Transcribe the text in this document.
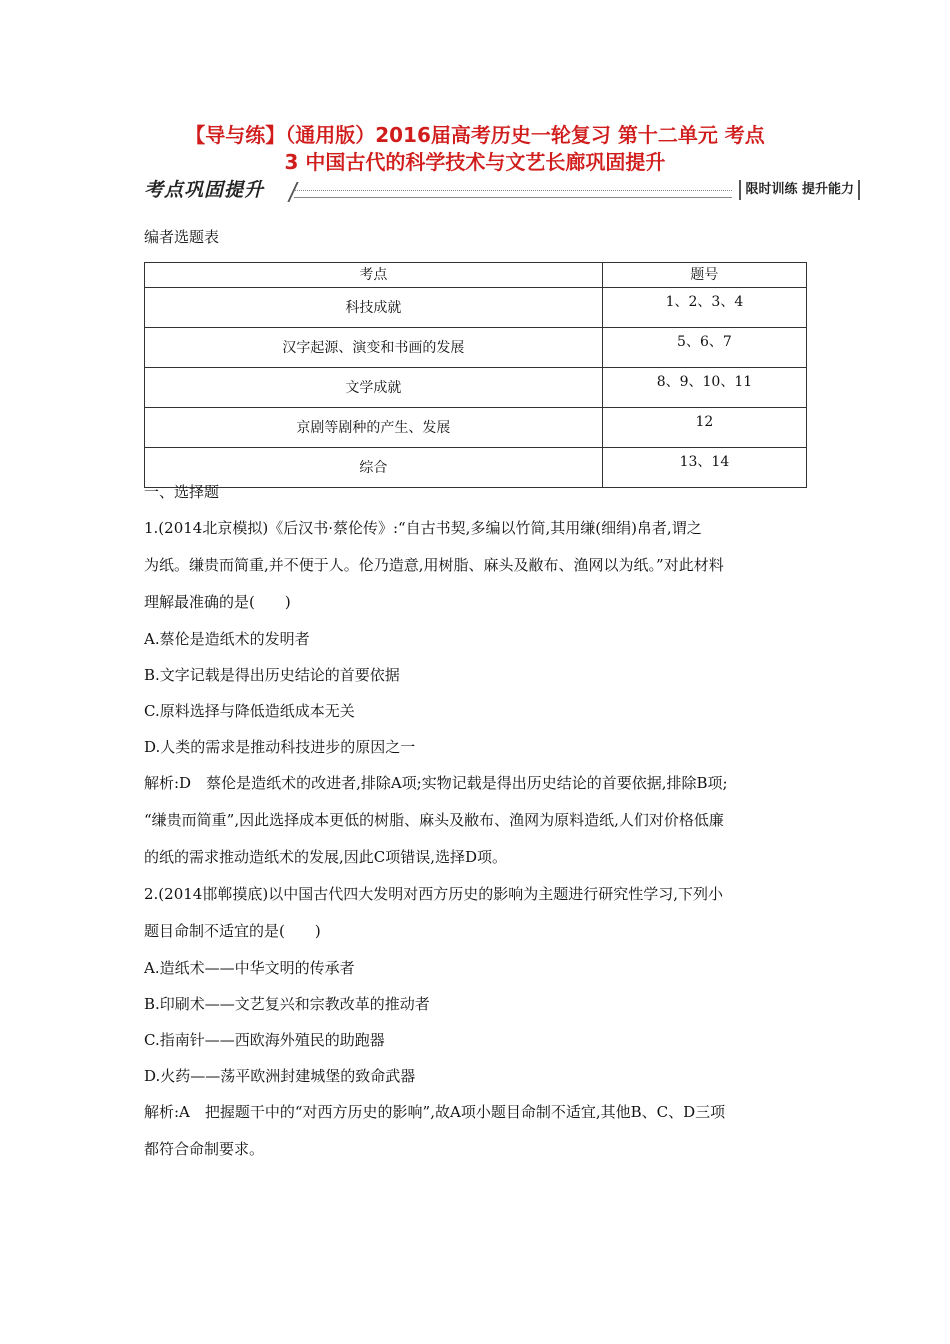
【导与练】（通用版）2016届高考历史一轮复习 第十二单元 考点
3 中国古代的科学技术与文艺长廊巩固提升
考点巩固提升	限时训练 提升能力
编者选题表
考点	题号
科技成就	1、2、3、4
汉字起源、演变和书画的发展	5、6、7
文学成就	8、9、10、11
京剧等剧种的产生、发展	12
综合	13、14

一、选择题

1.(2014北京模拟)《后汉书·蔡伦传》:“自古书契,多编以竹简,其用缣(细绢)帛者,谓之

为纸。缣贵而简重,并不便于人。伦乃造意,用树脂、麻头及敝布、渔网以为纸。”对此材料

理解最准确的是(　　)

A.蔡伦是造纸术的发明者

B.文字记载是得出历史结论的首要依据

C.原料选择与降低造纸成本无关

D.人类的需求是推动科技进步的原因之一

解析:D　蔡伦是造纸术的改进者,排除A项;实物记载是得出历史结论的首要依据,排除B项;

“缣贵而简重”,因此选择成本更低的树脂、麻头及敝布、渔网为原料造纸,人们对价格低廉

的纸的需求推动造纸术的发展,因此C项错误,选择D项。

2.(2014邯郸摸底)以中国古代四大发明对西方历史的影响为主题进行研究性学习,下列小

题目命制不适宜的是(　　)

A.造纸术——中华文明的传承者

B.印刷术——文艺复兴和宗教改革的推动者

C.指南针——西欧海外殖民的助跑器

D.火药——荡平欧洲封建城堡的致命武器

解析:A　把握题干中的“对西方历史的影响”,故A项小题目命制不适宜,其他B、C、D三项

都符合命制要求。
